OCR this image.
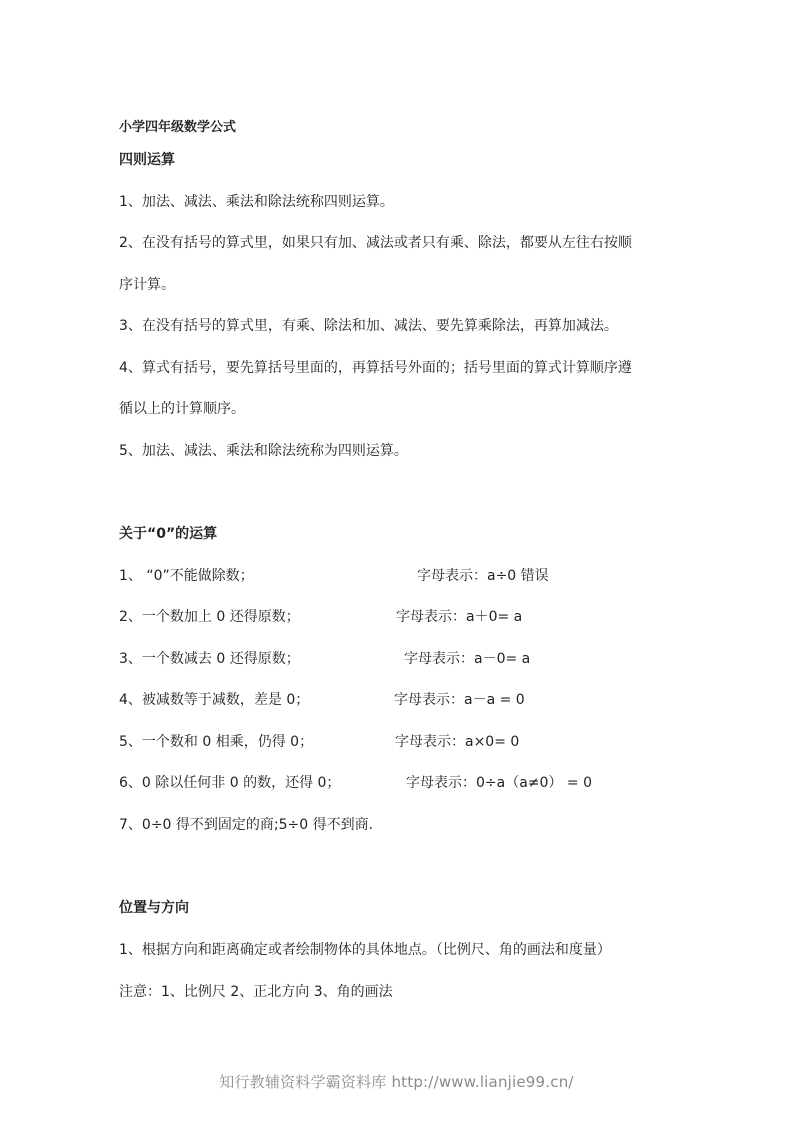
小学四年级数学公式
四则运算
1、加法、减法、乘法和除法统称四则运算。
2、在没有括号的算式里，如果只有加、减法或者只有乘、除法，都要从左往右按顺
序计算。
3、在没有括号的算式里，有乘、除法和加、减法、要先算乘除法，再算加减法。
4、算式有括号，要先算括号里面的，再算括号外面的；括号里面的算式计算顺序遵
循以上的计算顺序。
5、加法、减法、乘法和除法统称为四则运算。
关于“0”的运算
1、 “0”不能做除数；	字母表示：a÷0 错误
2、一个数加上 0 还得原数；	字母表示：a＋0= a
3、一个数减去 0 还得原数；	字母表示：a－0= a
4、被减数等于减数，差是 0；	字母表示：a－a = 0
5、一个数和 0 相乘，仍得 0；	字母表示：a×0= 0
6、0 除以任何非 0 的数，还得 0；	字母表示：0÷a（a≠0） = 0
7、0÷0 得不到固定的商;5÷0 得不到商.
位置与方向
1、根据方向和距离确定或者绘制物体的具体地点。（比例尺、角的画法和度量）
注意：1、比例尺 2、正北方向 3、角的画法
知行教辅资料学霸资料库 http://www.lianjie99.cn/
